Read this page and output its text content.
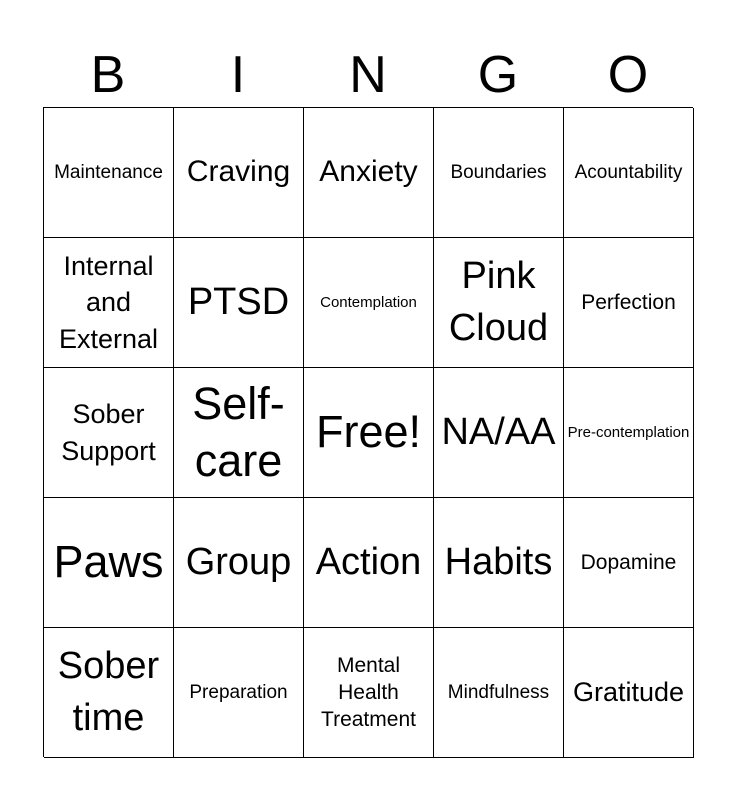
B	I	N	G	O
Maintenance Craving Anxiety Boundaries Acountability
Internal and External
PTSD Contemplation
Pink Cloud
Perfection
Sober Support
Self-care
Free! NA/AA Pre-contemplation
Paws Group Action Habits Dopamine
Sober time
Preparation
Mental Health Treatment
Mindfulness Gratitude
